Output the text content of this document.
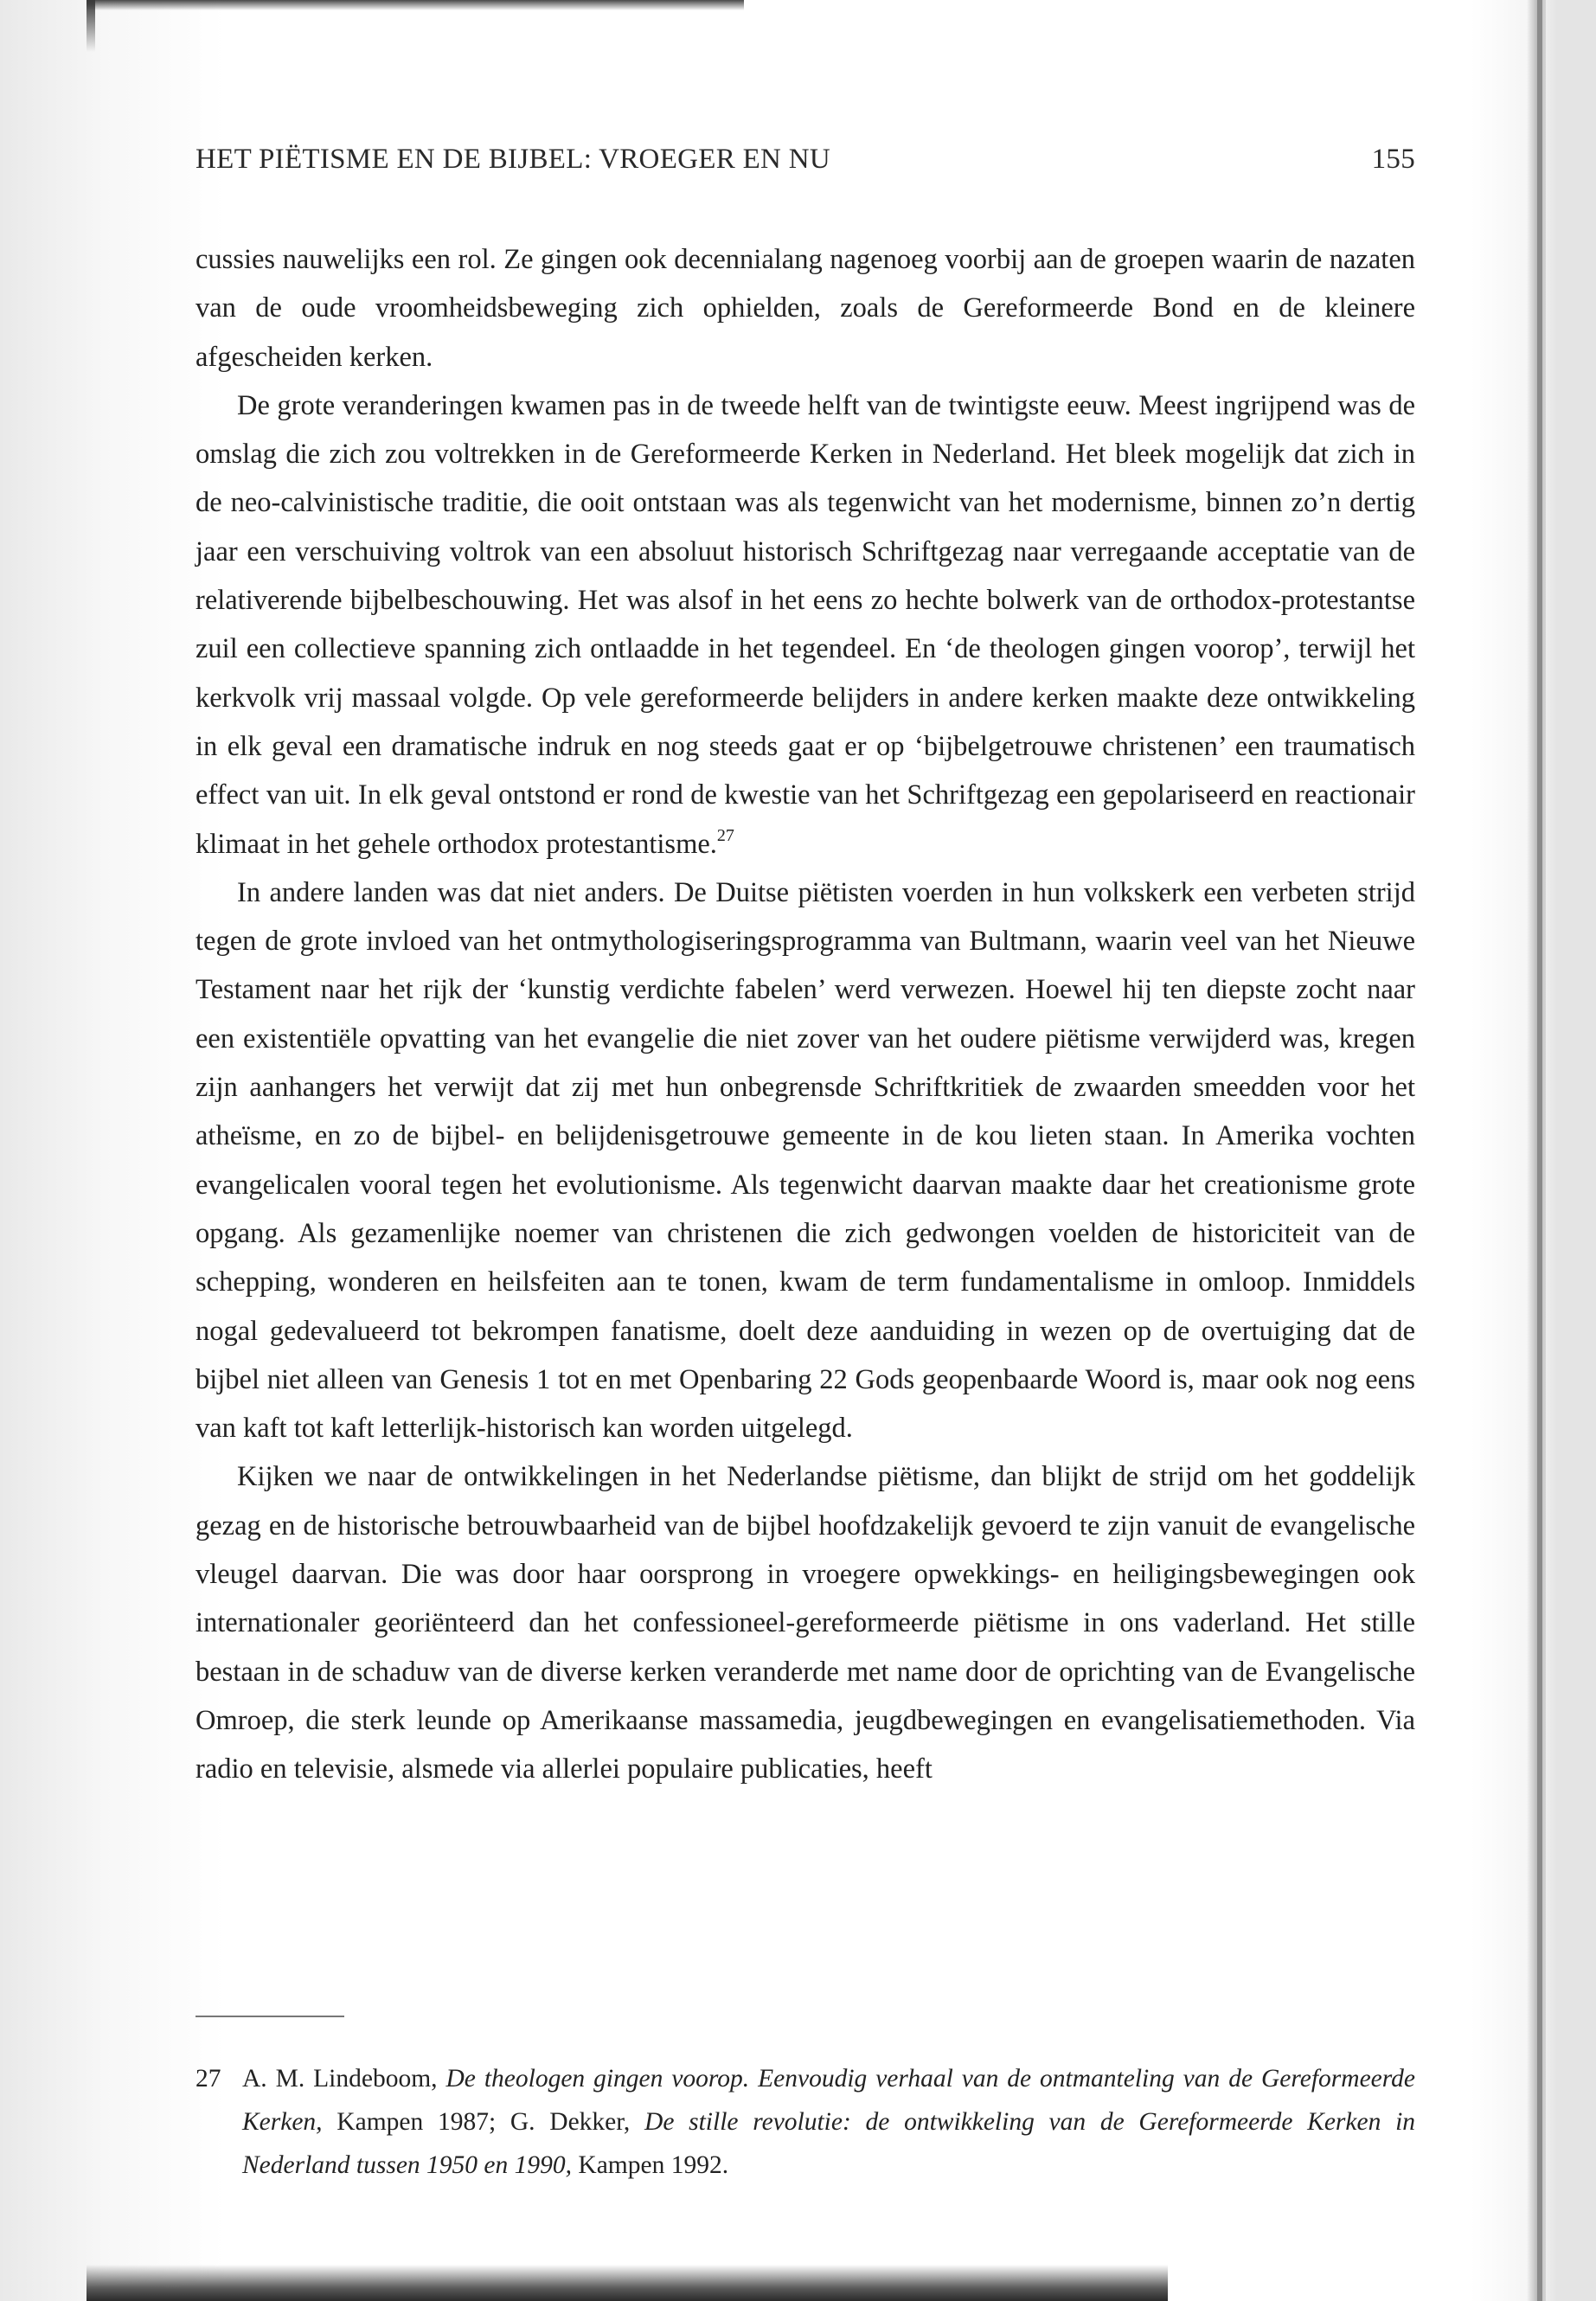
HET PIËTISME EN DE BIJBEL: VROEGER EN NU	155

cussies nauwelijks een rol. Ze gingen ook decennialang nagenoeg voorbij aan de groepen waarin de nazaten van de oude vroomheidsbeweging zich ophielden, zoals de Gereformeerde Bond en de kleinere afgescheiden kerken.

De grote veranderingen kwamen pas in de tweede helft van de twintigste eeuw. Meest ingrijpend was de omslag die zich zou voltrekken in de Gereformeerde Kerken in Nederland. Het bleek mogelijk dat zich in de neo-calvinistische traditie, die ooit ontstaan was als tegenwicht van het modernisme, binnen zo’n dertig jaar een verschuiving voltrok van een absoluut historisch Schriftgezag naar verregaande acceptatie van de relativerende bijbelbeschouwing. Het was alsof in het eens zo hechte bolwerk van de orthodox-protestantse zuil een collectieve spanning zich ontlaadde in het tegendeel. En ‘de theologen gingen voorop’, terwijl het kerkvolk vrij massaal volgde. Op vele gereformeerde belijders in andere kerken maakte deze ontwikkeling in elk geval een dramatische indruk en nog steeds gaat er op ‘bijbelgetrouwe christenen’ een traumatisch effect van uit. In elk geval ontstond er rond de kwestie van het Schriftgezag een gepolariseerd en reactionair klimaat in het gehele orthodox protestantisme.$^{27}$

In andere landen was dat niet anders. De Duitse piëtisten voerden in hun volkskerk een verbeten strijd tegen de grote invloed van het ontmythologiseringsprogramma van Bultmann, waarin veel van het Nieuwe Testament naar het rijk der ‘kunstig verdichte fabelen’ werd verwezen. Hoewel hij ten diepste zocht naar een existentiële opvatting van het evangelie die niet zover van het oudere piëtisme verwijderd was, kregen zijn aanhangers het verwijt dat zij met hun onbegrensde Schriftkritiek de zwaarden smeedden voor het atheïsme, en zo de bijbel- en belijdenisgetrouwe gemeente in de kou lieten staan. In Amerika vochten evangelicalen vooral tegen het evolutionisme. Als tegenwicht daarvan maakte daar het creationisme grote opgang. Als gezamenlijke noemer van christenen die zich gedwongen voelden de historiciteit van de schepping, wonderen en heilsfeiten aan te tonen, kwam de term fundamentalisme in omloop. Inmiddels nogal gedevalueerd tot bekrompen fanatisme, doelt deze aanduiding in wezen op de overtuiging dat de bijbel niet alleen van Genesis 1 tot en met Openbaring 22 Gods geopenbaarde Woord is, maar ook nog eens van kaft tot kaft letterlijk-historisch kan worden uitgelegd.

Kijken we naar de ontwikkelingen in het Nederlandse piëtisme, dan blijkt de strijd om het goddelijk gezag en de historische betrouwbaarheid van de bijbel hoofdzakelijk gevoerd te zijn vanuit de evangelische vleugel daarvan. Die was door haar oorsprong in vroegere opwekkings- en heiligingsbewegingen ook internationaler georiënteerd dan het confessioneel-gereformeerde piëtisme in ons vaderland. Het stille bestaan in de schaduw van de diverse kerken veranderde met name door de oprichting van de Evangelische Omroep, die sterk leunde op Amerikaanse massamedia, jeugdbewegingen en evangelisatiemethoden. Via radio en televisie, alsmede via allerlei populaire publicaties, heeft

27 A. M. Lindeboom, De theologen gingen voorop. Eenvoudig verhaal van de ontmanteling van de Gereformeerde Kerken, Kampen 1987; G. Dekker, De stille revolutie: de ontwikkeling van de Gereformeerde Kerken in Nederland tussen 1950 en 1990, Kampen 1992.
